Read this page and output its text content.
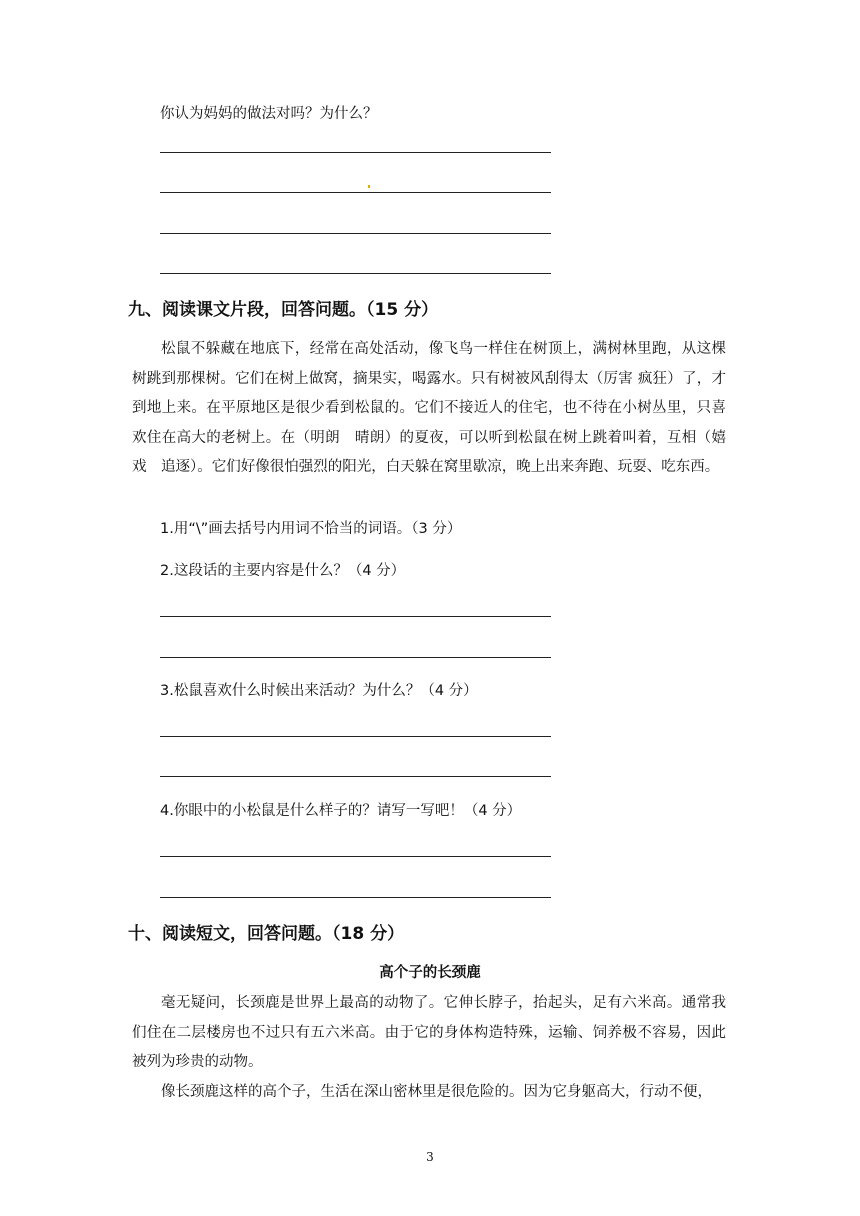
你认为妈妈的做法对吗？为什么？
九、阅读课文片段，回答问题。（15 分）

松鼠不躲藏在地底下，经常在高处活动，像飞鸟一样住在树顶上，满树林里跑，从这棵树跳到那棵树。它们在树上做窝，摘果实，喝露水。只有树被风刮得太（厉害 疯狂）了，才到地上来。在平原地区是很少看到松鼠的。它们不接近人的住宅，也不待在小树丛里，只喜欢住在高大的老树上。在（明朗　晴朗）的夏夜，可以听到松鼠在树上跳着叫着，互相（嬉戏　追逐）。它们好像很怕强烈的阳光，白天躲在窝里歇凉，晚上出来奔跑、玩耍、吃东西。

1.用“\”画去括号内用词不恰当的词语。（3 分）
2.这段话的主要内容是什么？（4 分）
3.松鼠喜欢什么时候出来活动？为什么？（4 分）
4.你眼中的小松鼠是什么样子的？请写一写吧！（4 分）
十、阅读短文，回答问题。（18 分）
高个子的长颈鹿

毫无疑问，长颈鹿是世界上最高的动物了。它伸长脖子，抬起头，足有六米高。通常我们住在二层楼房也不过只有五六米高。由于它的身体构造特殊，运输、饲养极不容易，因此被列为珍贵的动物。

像长颈鹿这样的高个子，生活在深山密林里是很危险的。因为它身躯高大，行动不便，

3
